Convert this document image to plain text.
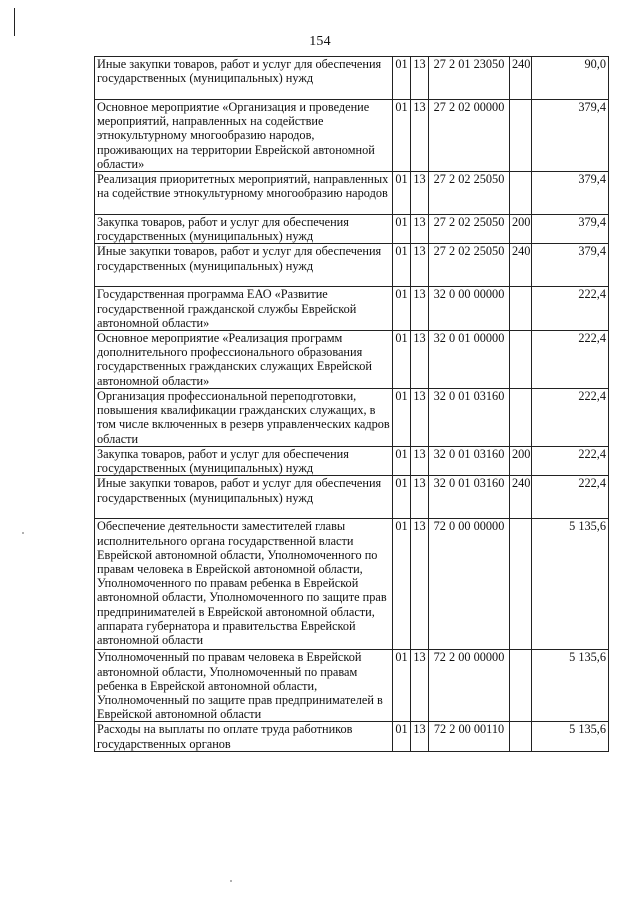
154
Иные закупки товаров, работ и услуг для обеспечения государственных (муниципальных) нужд	01	13	27 2 01 23050	240	90,0
Основное мероприятие «Организация и проведение мероприятий, направленных на содействие этнокультурному многообразию народов, проживающих на территории Еврейской автономной области»	01	13	27 2 02 00000		379,4
Реализация приоритетных мероприятий, направленных на содействие этнокультурному многообразию народов	01	13	27 2 02 25050		379,4
Закупка товаров, работ и услуг для обеспечения государственных (муниципальных) нужд	01	13	27 2 02 25050	200	379,4
Иные закупки товаров, работ и услуг для обеспечения государственных (муниципальных) нужд	01	13	27 2 02 25050	240	379,4
Государственная программа ЕАО «Развитие государственной гражданской службы Еврейской автономной области»	01	13	32 0 00 00000		222,4
Основное мероприятие «Реализация программ дополнительного профессионального образования государственных гражданских служащих Еврейской автономной области»	01	13	32 0 01 00000		222,4
Организация профессиональной переподготовки, повышения квалификации гражданских служащих, в том числе включенных в резерв управленческих кадров области	01	13	32 0 01 03160		222,4
Закупка товаров, работ и услуг для обеспечения государственных (муниципальных) нужд	01	13	32 0 01 03160	200	222,4
Иные закупки товаров, работ и услуг для обеспечения государственных (муниципальных) нужд	01	13	32 0 01 03160	240	222,4
Обеспечение деятельности заместителей главы исполнительного органа государственной власти Еврейской автономной области, Уполномоченного по правам человека в Еврейской автономной области, Уполномоченного по правам ребенка в Еврейской автономной области, Уполномоченного по защите прав предпринимателей в Еврейской автономной области, аппарата губернатора и правительства Еврейской автономной области	01	13	72 0 00 00000		5 135,6
Уполномоченный по правам человека в Еврейской автономной области, Уполномоченный по правам ребенка в Еврейской автономной области, Уполномоченный по защите прав предпринимателей в Еврейской автономной области	01	13	72 2 00 00000		5 135,6
Расходы на выплаты по оплате труда работников государственных органов	01	13	72 2 00 00110		5 135,6
